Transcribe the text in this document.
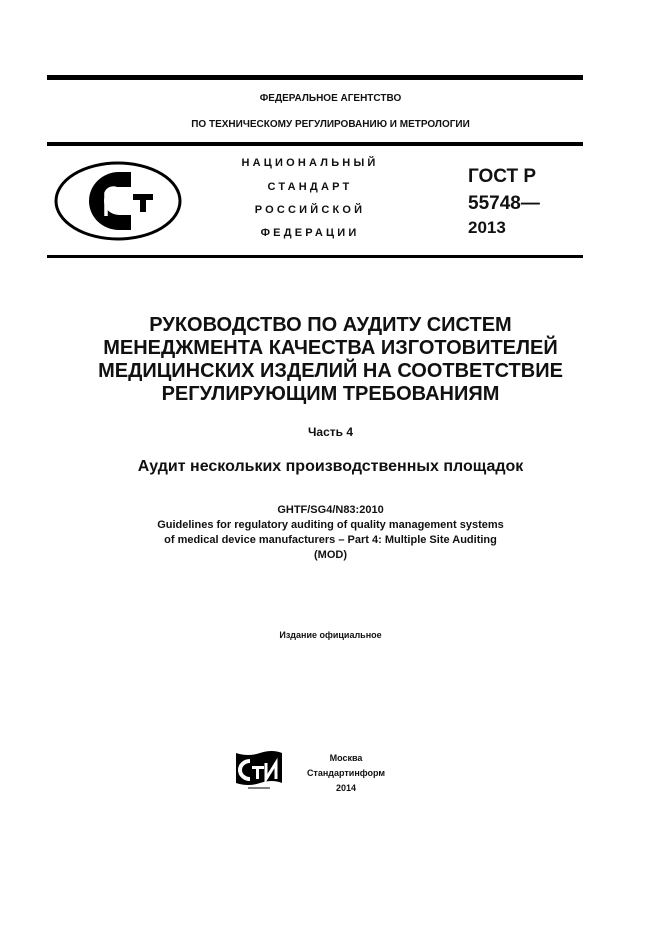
ФЕДЕРАЛЬНОЕ АГЕНТСТВО
ПО ТЕХНИЧЕСКОМУ РЕГУЛИРОВАНИЮ И МЕТРОЛОГИИ
НАЦИОНАЛЬНЫЙ
СТАНДАРТ
РОССИЙСКОЙ
ФЕДЕРАЦИИ
ГОСТ Р
55748—
2013
РУКОВОДСТВО ПО АУДИТУ СИСТЕМ
МЕНЕДЖМЕНТА КАЧЕСТВА ИЗГОТОВИТЕЛЕЙ
МЕДИЦИНСКИХ ИЗДЕЛИЙ НА СООТВЕТСТВИЕ
РЕГУЛИРУЮЩИМ ТРЕБОВАНИЯМ
Часть 4
Аудит нескольких производственных площадок
GHTF/SG4/N83:2010
Guidelines for regulatory auditing of quality management systems
of medical device manufacturers – Part 4: Multiple Site Auditing
(MOD)
Издание официальное
Москва
Стандартинформ
2014
